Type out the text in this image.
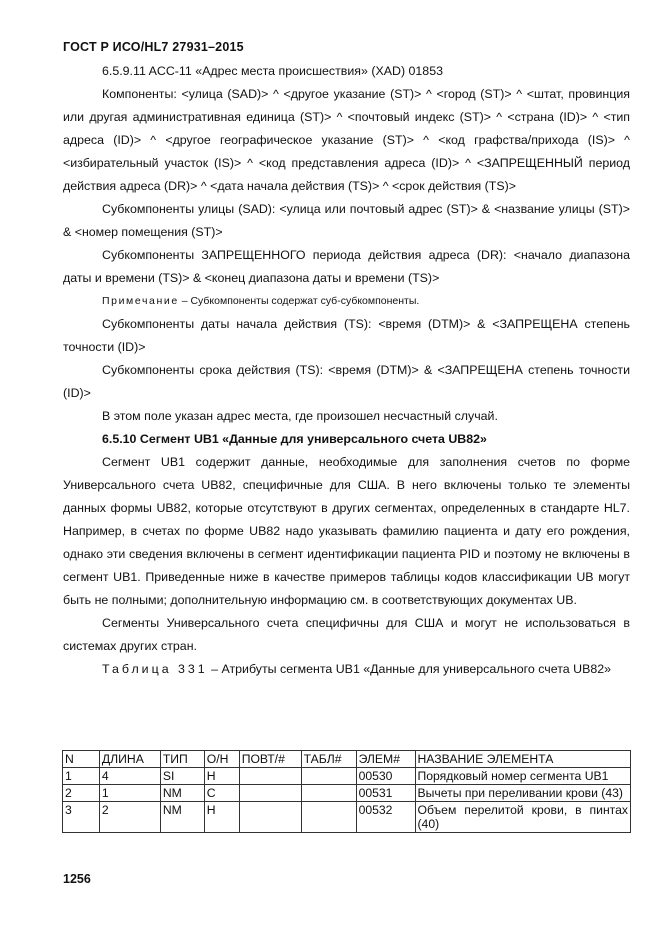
ГОСТ Р ИСО/HL7 27931–2015

6.5.9.11 ACC-11 «Адрес места происшествия» (XAD) 01853

Компоненты: <улица (SAD)> ^ <другое указание (ST)> ^ <город (ST)> ^ <штат, провинция или другая административная единица (ST)> ^ <почтовый индекс (ST)> ^ <страна (ID)> ^ <тип адреса (ID)> ^ <другое географическое указание (ST)> ^ <код графства/прихода (IS)> ^ <избирательный участок (IS)> ^ <код представления адреса (ID)> ^ <ЗАПРЕЩЕННЫЙ период действия адреса (DR)> ^ <дата начала действия (TS)> ^ <срок действия (TS)>

Субкомпоненты улицы (SAD): <улица или почтовый адрес (ST)> & <название улицы (ST)> & <номер помещения (ST)>

Субкомпоненты ЗАПРЕЩЕННОГО периода действия адреса (DR): <начало диапазона даты и времени (TS)> & <конец диапазона даты и времени (TS)>

Примечание – Субкомпоненты содержат суб-субкомпоненты.

Субкомпоненты даты начала действия (TS): <время (DTM)> & <ЗАПРЕЩЕНА степень точности (ID)>

Субкомпоненты срока действия (TS): <время (DTM)> & <ЗАПРЕЩЕНА степень точности (ID)>

В этом поле указан адрес места, где произошел несчастный случай.

6.5.10 Сегмент UB1 «Данные для универсального счета UB82»

Сегмент UB1 содержит данные, необходимые для заполнения счетов по форме Универсального счета UB82, специфичные для США. В него включены только те элементы данных формы UB82, которые отсутствуют в других сегментах, определенных в стандарте HL7. Например, в счетах по форме UB82 надо указывать фамилию пациента и дату его рождения, однако эти сведения включены в сегмент идентификации пациента PID и поэтому не включены в сегмент UB1. Приведенные ниже в качестве примеров таблицы кодов классификации UB могут быть не полными; дополнительную информацию см. в соответствующих документах UB.

Сегменты Универсального счета специфичны для США и могут не использоваться в системах других стран.

Таблица 331 – Атрибуты сегмента UB1 «Данные для универсального счета UB82»

N	ДЛИНА	ТИП	О/Н	ПОВТ/#	ТАБЛ#	ЭЛЕМ#	НАЗВАНИЕ ЭЛЕМЕНТА
1	4	SI	Н			00530	Порядковый номер сегмента UB1
2	1	NM	С			00531	Вычеты при переливании крови (43)
3	2	NM	Н			00532	Объем перелитой крови, в пинтах (40)
1256
